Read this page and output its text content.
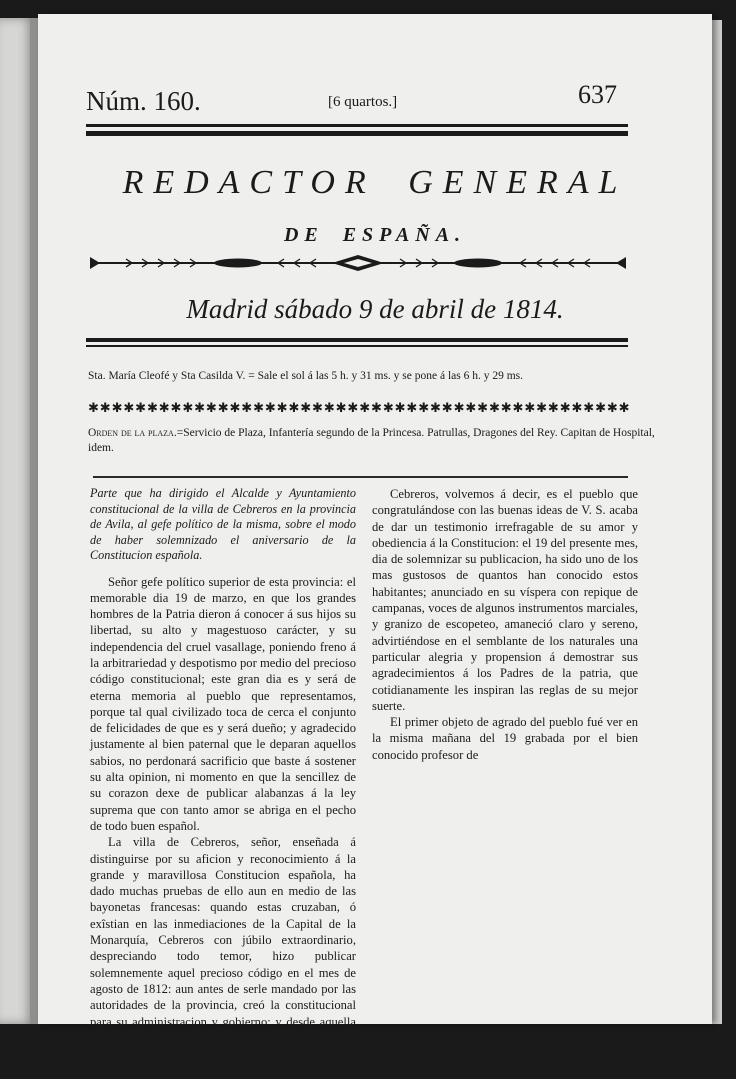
Núm. 160.	[6 quartos.]	637
REDACTOR GENERAL
DE ESPAÑA.
Madrid sábado 9 de abril de 1814.
Sta. María Cleofé y Sta Casilda V. = Sale el sol á las 5 h. y 31 ms. y se pone á las 6 h. y 29 ms.
✱✱✱✱✱✱✱✱✱✱✱✱✱✱✱✱✱✱✱✱✱✱✱✱✱✱✱✱✱✱✱✱✱✱✱✱✱✱✱✱✱✱✱✱✱✱
Orden de la plaza.=Servicio de Plaza, Infantería segundo de la Princesa. Patrullas, Dragones del Rey. Capitan de Hospital, idem.

Parte que ha dirigido el Alcalde y Ayuntamiento constitucional de la villa de Cebreros en la provincia de Avila, al gefe político de la misma, sobre el modo de haber solemnizado el aniversario de la Constitucion española.

Señor gefe político superior de esta provincia: el memorable dia 19 de marzo, en que los grandes hombres de la Patria dieron á conocer á sus hijos su libertad, su alto y magestuoso carácter, y su independencia del cruel vasallage, poniendo freno á la arbitrariedad y despotismo por medio del precioso código constitucional; este gran dia es y será de eterna memoria al pueblo que representamos, porque tal qual civilizado toca de cerca el conjunto de felicidades de que es y será dueño; y agradecido justamente al bien paternal que le deparan aquellos sabios, no perdonará sacrificio que baste á sostener su alta opinion, ni momento en que la sencillez de su corazon dexe de publicar alabanzas á la ley suprema que con tanto amor se abriga en el pecho de todo buen español.

La villa de Cebreros, señor, enseñada á distinguirse por su aficion y reconocimiento á la grande y maravillosa Constitucion española, ha dado muchas pruebas de ello aun en medio de las bayonetas francesas: quando estas cruzaban, ó exîstian en las inmediaciones de la Capital de la Monarquía, Cebreros con júbilo extraordinario, despreciando todo temor, hizo publicar solemnemente aquel precioso código en el mes de agosto de 1812: aun antes de serle mandado por las autoridades de la provincia, creó la constitucional para su administracion y gobierno; y desde aquella época siempre obró aun entre los enemigos, observando cautelosamente los preceptos de la ley que juró.

Cebreros, volvemos á decir, es el pueblo que congratulándose con las buenas ideas de V. S. acaba de dar un testimonio irrefragable de su amor y obediencia á la Constitucion: el 19 del presente mes, dia de solemnizar su publicacion, ha sido uno de los mas gustosos de quantos han conocido estos habitantes; anunciado en su víspera con repique de campanas, voces de algunos instrumentos marciales, y granizo de escopeteo, amaneció claro y sereno, advirtiéndose en el semblante de los naturales una particular alegria y propension á demostrar sus agradecimientos á los Padres de la patria, que cotidianamente les inspiran las reglas de su mejor suerte.

El primer objeto de agrado del pueblo fué ver en la misma mañana del 19 grabada por el bien conocido profesor de
